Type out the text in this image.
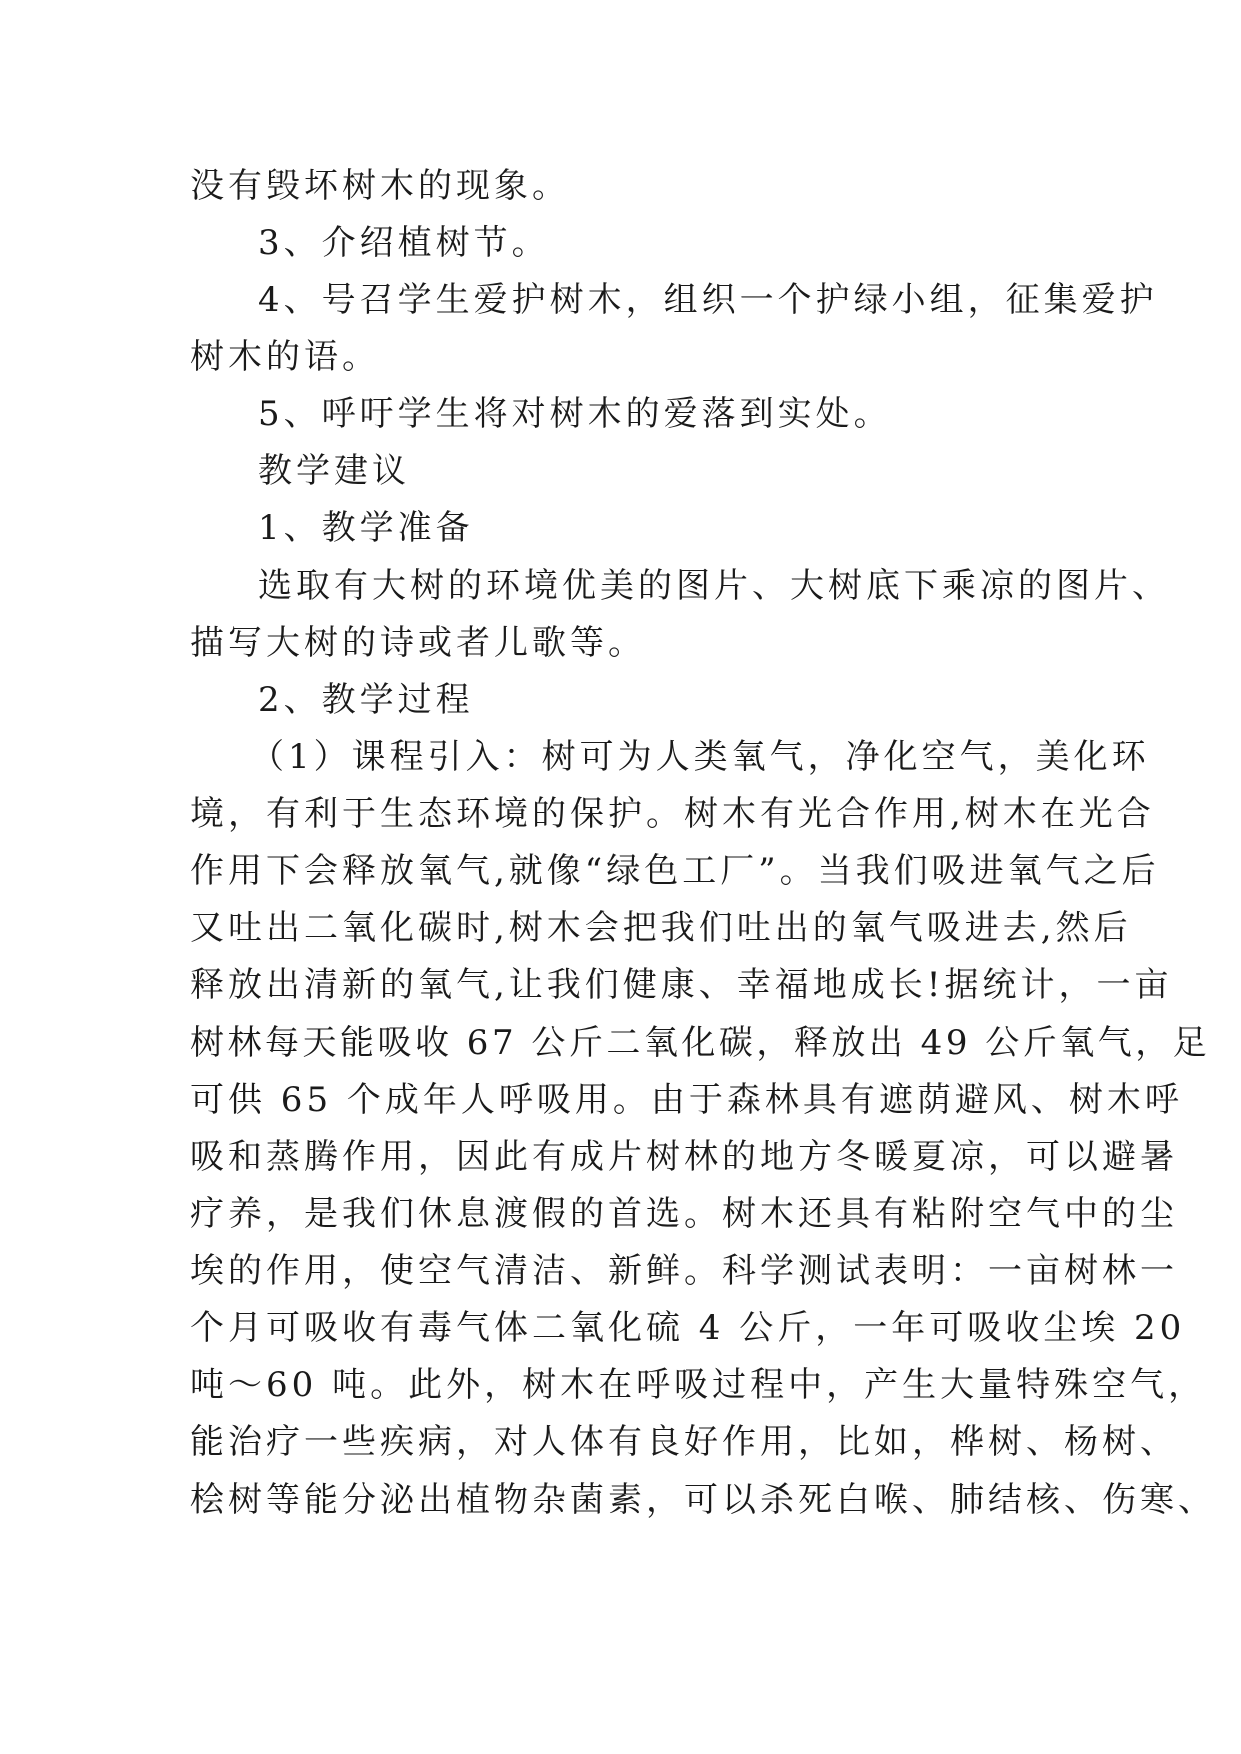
没有毁坏树木的现象。

3、介绍植树节。

4、号召学生爱护树木，组织一个护绿小组，征集爱护

树木的语。

5、呼吁学生将对树木的爱落到实处。

教学建议

1、教学准备

选取有大树的环境优美的图片、大树底下乘凉的图片、

描写大树的诗或者儿歌等。

2、教学过程

（1）课程引入：树可为人类氧气，净化空气，美化环

境，有利于生态环境的保护。树木有光合作用,树木在光合

作用下会释放氧气,就像“绿色工厂”。当我们吸进氧气之后

又吐出二氧化碳时,树木会把我们吐出的氧气吸进去,然后

释放出清新的氧气,让我们健康、幸福地成长!据统计，一亩

树林每天能吸收 67 公斤二氧化碳，释放出 49 公斤氧气，足

可供 65 个成年人呼吸用。由于森林具有遮荫避风、树木呼

吸和蒸腾作用，因此有成片树林的地方冬暖夏凉，可以避暑

疗养，是我们休息渡假的首选。树木还具有粘附空气中的尘

埃的作用，使空气清洁、新鲜。科学测试表明：一亩树林一

个月可吸收有毒气体二氧化硫 4 公斤，一年可吸收尘埃 20

吨～60 吨。此外，树木在呼吸过程中，产生大量特殊空气，

能治疗一些疾病，对人体有良好作用，比如，桦树、杨树、

桧树等能分泌出植物杂菌素，可以杀死白喉、肺结核、伤寒、
